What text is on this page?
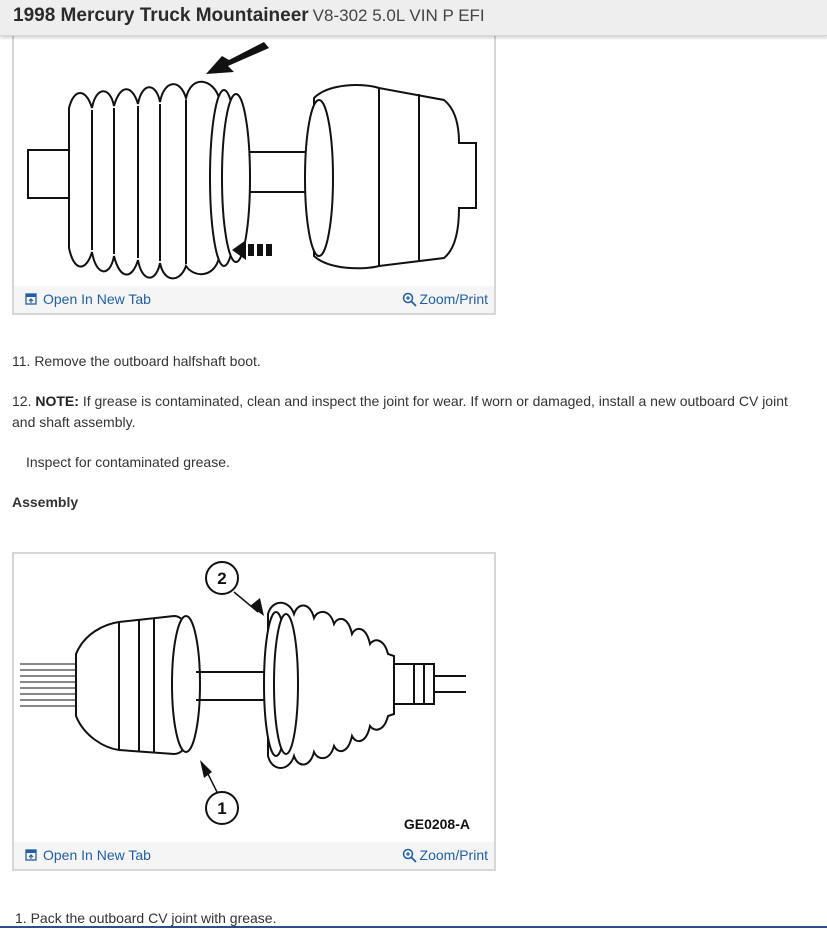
1998 Mercury Truck Mountaineer V8-302 5.0L VIN P EFI
Open In New Tab	Zoom/Print
11. Remove the outboard halfshaft boot.
12. NOTE: If grease is contaminated, clean and inspect the joint for wear. If worn or damaged, install a new outboard CV joint and shaft assembly.
Inspect for contaminated grease.
Assembly
2
1
GE0208-A
Open In New Tab	Zoom/Print
1. Pack the outboard CV joint with grease.
